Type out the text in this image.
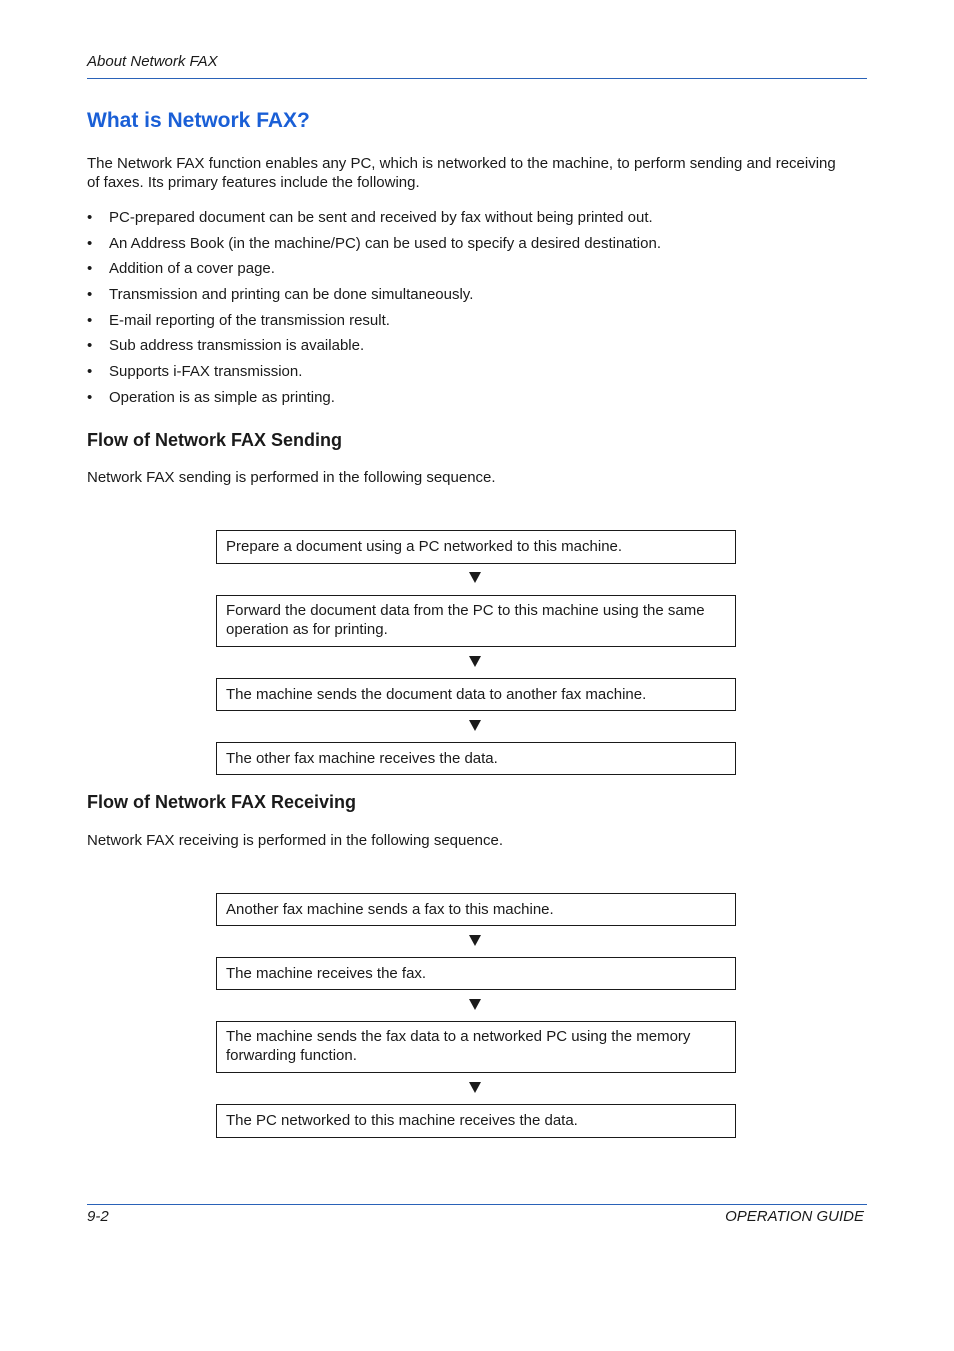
About Network FAX
What is Network FAX?

The Network FAX function enables any PC, which is networked to the machine, to perform sending and receiving of faxes. Its primary features include the following.

• PC-prepared document can be sent and received by fax without being printed out.
• An Address Book (in the machine/PC) can be used to specify a desired destination.
• Addition of a cover page.
• Transmission and printing can be done simultaneously.
• E-mail reporting of the transmission result.
• Sub address transmission is available.
• Supports i-FAX transmission.
• Operation is as simple as printing.
Flow of Network FAX Sending

Network FAX sending is performed in the following sequence.

Prepare a document using a PC networked to this machine.
Forward the document data from the PC to this machine using the same operation as for printing.
The machine sends the document data to another fax machine.
The other fax machine receives the data.
Flow of Network FAX Receiving

Network FAX receiving is performed in the following sequence.

Another fax machine sends a fax to this machine.
The machine receives the fax.
The machine sends the fax data to a networked PC using the memory forwarding function.
The PC networked to this machine receives the data.
9-2	OPERATION GUIDE
